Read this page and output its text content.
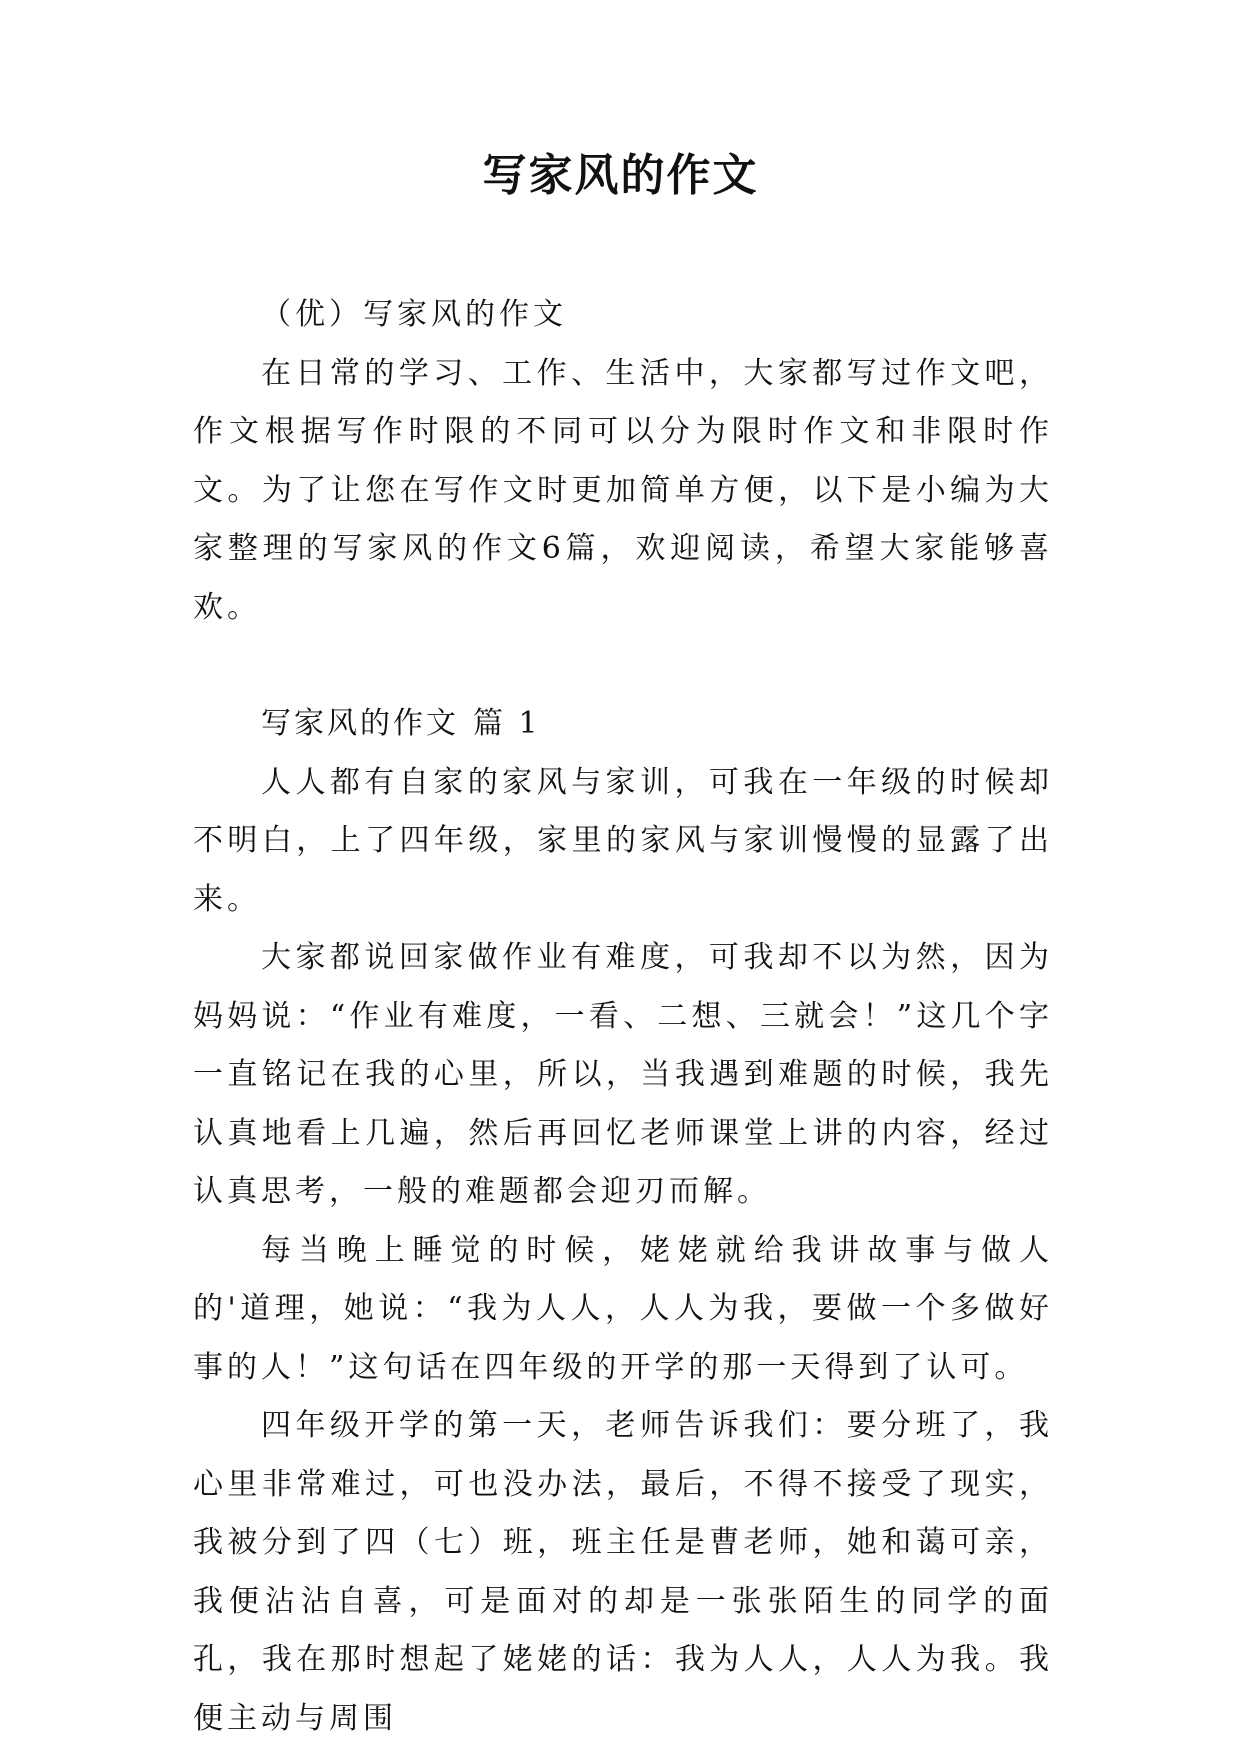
写家风的作文

（优）写家风的作文

在日常的学习、工作、生活中，大家都写过作文吧，作文根据写作时限的不同可以分为限时作文和非限时作文。为了让您在写作文时更加简单方便，以下是小编为大家整理的写家风的作文6篇，欢迎阅读，希望大家能够喜欢。

写家风的作文 篇 1

人人都有自家的家风与家训，可我在一年级的时候却不明白，上了四年级，家里的家风与家训慢慢的显露了出来。

大家都说回家做作业有难度，可我却不以为然，因为妈妈说：“作业有难度，一看、二想、三就会！”这几个字一直铭记在我的心里，所以，当我遇到难题的时候，我先认真地看上几遍，然后再回忆老师课堂上讲的内容，经过认真思考，一般的难题都会迎刃而解。

每当晚上睡觉的时候，姥姥就给我讲故事与做人的'道理，她说：“我为人人，人人为我，要做一个多做好事的人！”这句话在四年级的开学的那一天得到了认可。

四年级开学的第一天，老师告诉我们：要分班了，我心里非常难过，可也没办法，最后，不得不接受了现实，我被分到了四（七）班，班主任是曹老师，她和蔼可亲，我便沾沾自喜，可是面对的却是一张张陌生的同学的面孔，我在那时想起了姥姥的话：我为人人，人人为我。我便主动与周围
